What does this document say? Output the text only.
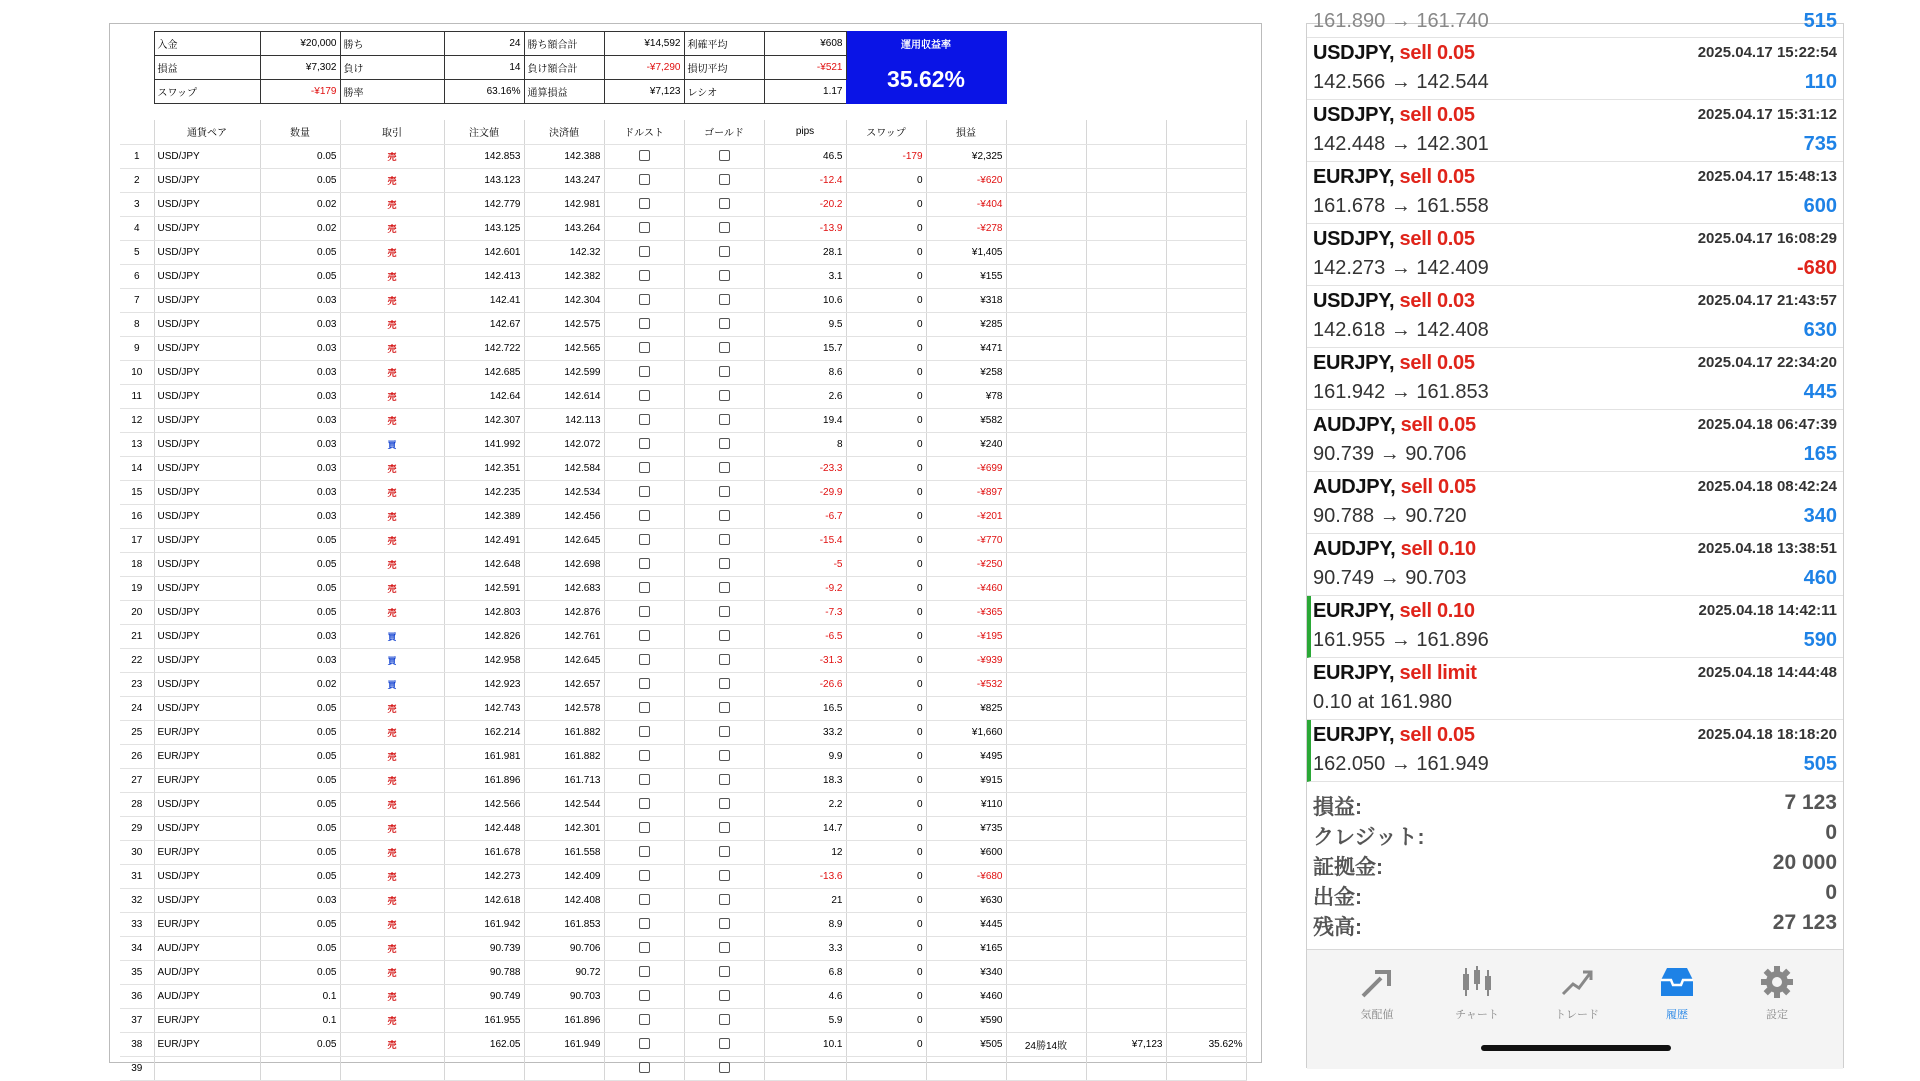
	入金	¥20,000	勝ち	24	勝ち額合計	¥14,592	利確平均	¥608	運用収益率
	損益	¥7,302	負け	14	負け額合計	-¥7,290	損切平均	-¥521	35.62%
	スワップ	-¥179	勝率	63.16%	通算損益	¥7,123	レシオ	1.17	
	通貨ペア	数量	取引	注文値	決済値	ドルスト	ゴールド	pips	スワップ	損益			
1	USD/JPY	0.05	売	142.853	142.388			46.5	-179	¥2,325			
2	USD/JPY	0.05	売	143.123	143.247			-12.4	0	-¥620			
3	USD/JPY	0.02	売	142.779	142.981			-20.2	0	-¥404			
4	USD/JPY	0.02	売	143.125	143.264			-13.9	0	-¥278			
5	USD/JPY	0.05	売	142.601	142.32			28.1	0	¥1,405			
6	USD/JPY	0.05	売	142.413	142.382			3.1	0	¥155			
7	USD/JPY	0.03	売	142.41	142.304			10.6	0	¥318			
8	USD/JPY	0.03	売	142.67	142.575			9.5	0	¥285			
9	USD/JPY	0.03	売	142.722	142.565			15.7	0	¥471			
10	USD/JPY	0.03	売	142.685	142.599			8.6	0	¥258			
11	USD/JPY	0.03	売	142.64	142.614			2.6	0	¥78			
12	USD/JPY	0.03	売	142.307	142.113			19.4	0	¥582			
13	USD/JPY	0.03	買	141.992	142.072			8	0	¥240			
14	USD/JPY	0.03	売	142.351	142.584			-23.3	0	-¥699			
15	USD/JPY	0.03	売	142.235	142.534			-29.9	0	-¥897			
16	USD/JPY	0.03	売	142.389	142.456			-6.7	0	-¥201			
17	USD/JPY	0.05	売	142.491	142.645			-15.4	0	-¥770			
18	USD/JPY	0.05	売	142.648	142.698			-5	0	-¥250			
19	USD/JPY	0.05	売	142.591	142.683			-9.2	0	-¥460			
20	USD/JPY	0.05	売	142.803	142.876			-7.3	0	-¥365			
21	USD/JPY	0.03	買	142.826	142.761			-6.5	0	-¥195			
22	USD/JPY	0.03	買	142.958	142.645			-31.3	0	-¥939			
23	USD/JPY	0.02	買	142.923	142.657			-26.6	0	-¥532			
24	USD/JPY	0.05	売	142.743	142.578			16.5	0	¥825			
25	EUR/JPY	0.05	売	162.214	161.882			33.2	0	¥1,660			
26	EUR/JPY	0.05	売	161.981	161.882			9.9	0	¥495			
27	EUR/JPY	0.05	売	161.896	161.713			18.3	0	¥915			
28	USD/JPY	0.05	売	142.566	142.544			2.2	0	¥110			
29	USD/JPY	0.05	売	142.448	142.301			14.7	0	¥735			
30	EUR/JPY	0.05	売	161.678	161.558			12	0	¥600			
31	USD/JPY	0.05	売	142.273	142.409			-13.6	0	-¥680			
32	USD/JPY	0.03	売	142.618	142.408			21	0	¥630			
33	EUR/JPY	0.05	売	161.942	161.853			8.9	0	¥445			
34	AUD/JPY	0.05	売	90.739	90.706			3.3	0	¥165			
35	AUD/JPY	0.05	売	90.788	90.72			6.8	0	¥340			
36	AUD/JPY	0.1	売	90.749	90.703			4.6	0	¥460			
37	EUR/JPY	0.1	売	161.955	161.896			5.9	0	¥590			
38	EUR/JPY	0.05	売	162.05	161.949			10.1	0	¥505	24勝14敗	¥7,123	35.62%
39													
161.890 → 161.740	515
USDJPY, sell 0.05	2025.04.17 15:22:54
142.566 → 142.544	110
USDJPY, sell 0.05	2025.04.17 15:31:12
142.448 → 142.301	735
EURJPY, sell 0.05	2025.04.17 15:48:13
161.678 → 161.558	600
USDJPY, sell 0.05	2025.04.17 16:08:29
142.273 → 142.409	-680
USDJPY, sell 0.03	2025.04.17 21:43:57
142.618 → 142.408	630
EURJPY, sell 0.05	2025.04.17 22:34:20
161.942 → 161.853	445
AUDJPY, sell 0.05	2025.04.18 06:47:39
90.739 → 90.706	165
AUDJPY, sell 0.05	2025.04.18 08:42:24
90.788 → 90.720	340
AUDJPY, sell 0.10	2025.04.18 13:38:51
90.749 → 90.703	460
EURJPY, sell 0.10	2025.04.18 14:42:11
161.955 → 161.896	590
EURJPY, sell limit	2025.04.18 14:44:48
0.10 at 161.980
EURJPY, sell 0.05	2025.04.18 18:18:20
162.050 → 161.949	505
損益:	7 123
クレジット:	0
証拠金:	20 000
出金:	0
残高:	27 123
気配値	チャート	トレード	履歴	設定
